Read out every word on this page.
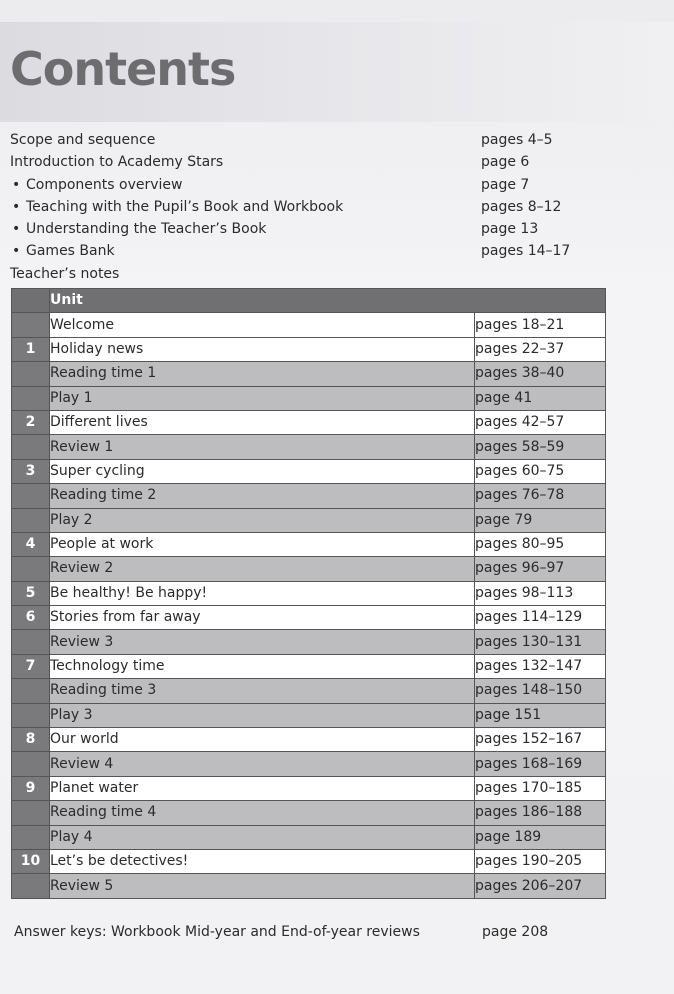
Contents
Scope and sequence	pages 4–5
Introduction to Academy Stars	page 6
• Components overview	page 7
• Teaching with the Pupil’s Book and Workbook	pages 8–12
• Understanding the Teacher’s Book	page 13
• Games Bank	pages 14–17
Teacher’s notes
	Unit	
	Welcome	pages 18–21
1	Holiday news	pages 22–37
	Reading time 1	pages 38–40
	Play 1	page 41
2	Different lives	pages 42–57
	Review 1	pages 58–59
3	Super cycling	pages 60–75
	Reading time 2	pages 76–78
	Play 2	page 79
4	People at work	pages 80–95
	Review 2	pages 96–97
5	Be healthy! Be happy!	pages 98–113
6	Stories from far away	pages 114–129
	Review 3	pages 130–131
7	Technology time	pages 132–147
	Reading time 3	pages 148–150
	Play 3	page 151
8	Our world	pages 152–167
	Review 4	pages 168–169
9	Planet water	pages 170–185
	Reading time 4	pages 186–188
	Play 4	page 189
10	Let’s be detectives!	pages 190–205
	Review 5	pages 206–207
Answer keys: Workbook Mid-year and End-of-year reviews	page 208
